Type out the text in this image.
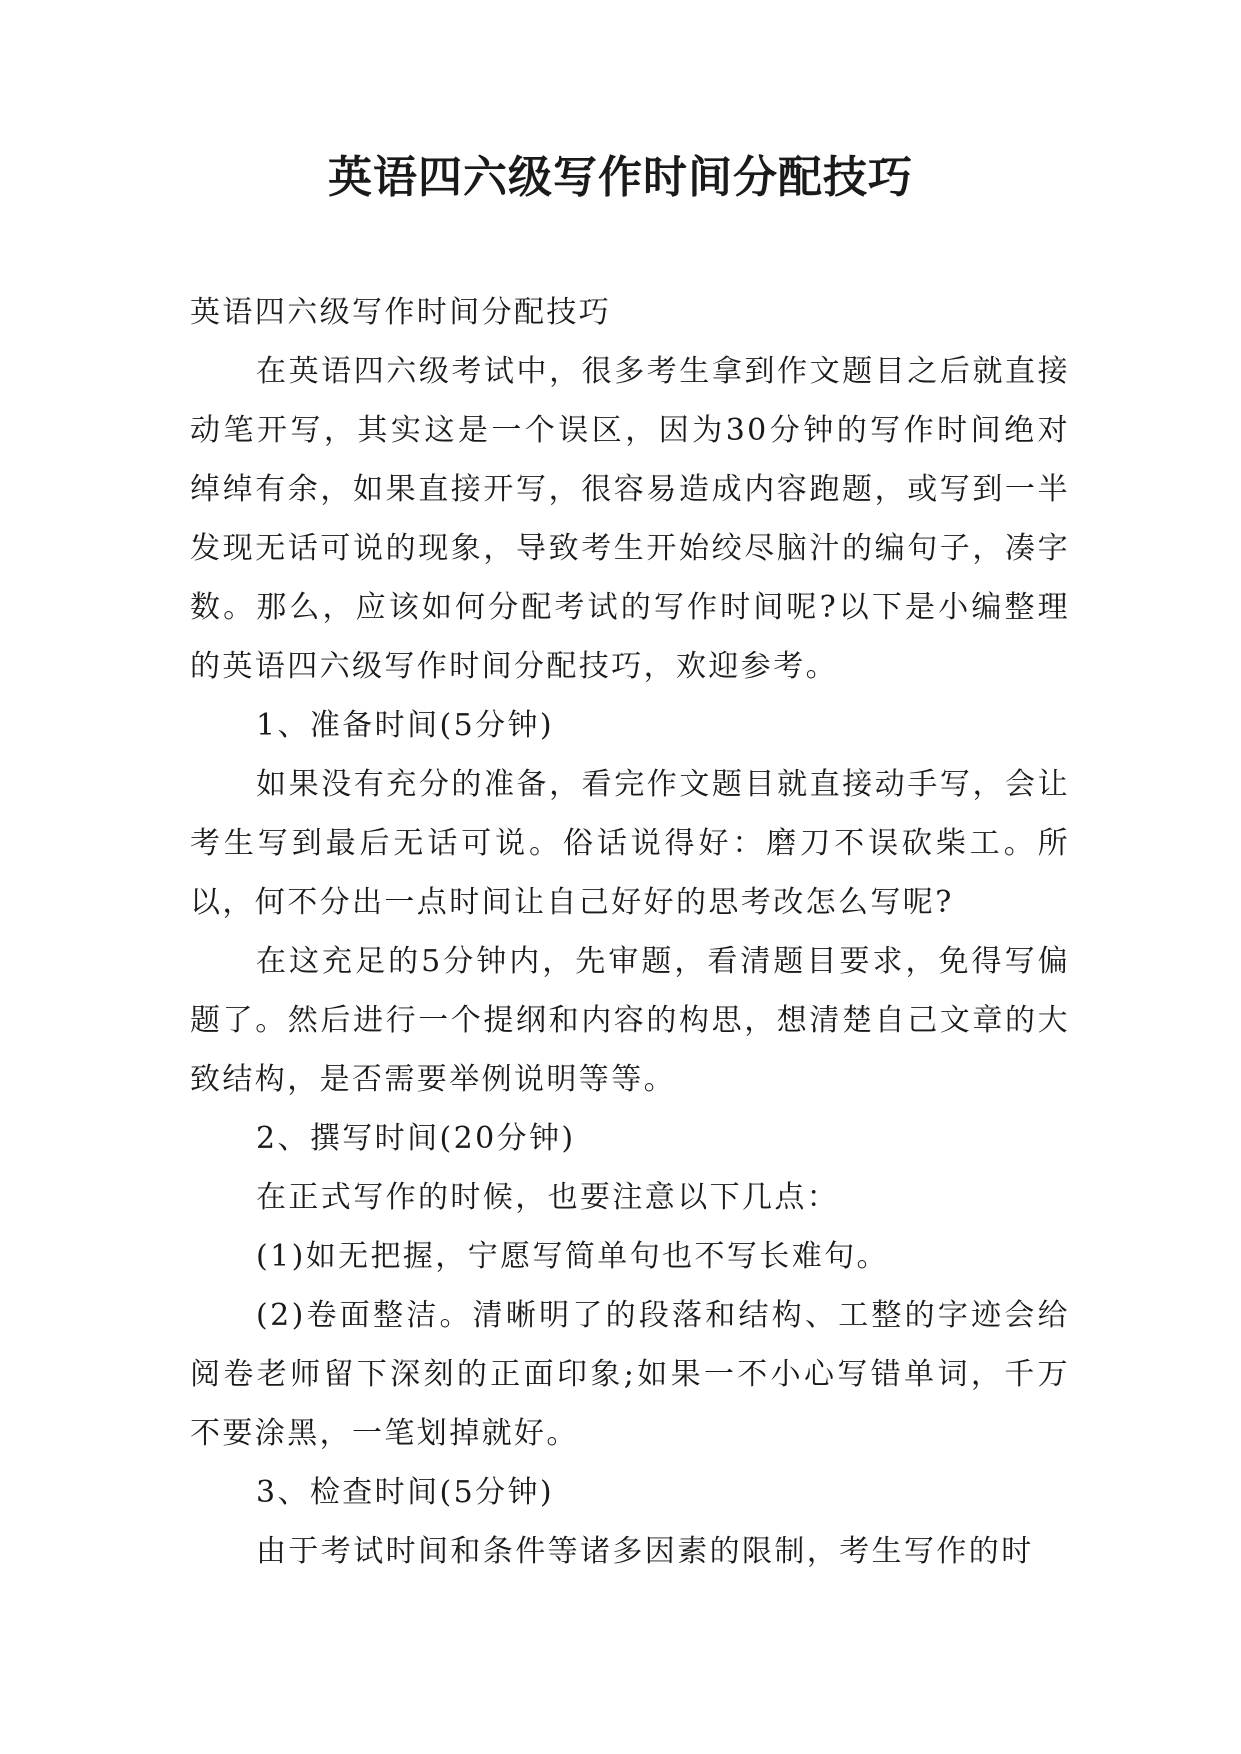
英语四六级写作时间分配技巧

英语四六级写作时间分配技巧

在英语四六级考试中，很多考生拿到作文题目之后就直接动笔开写，其实这是一个误区，因为30分钟的写作时间绝对绰绰有余，如果直接开写，很容易造成内容跑题，或写到一半发现无话可说的现象，导致考生开始绞尽脑汁的编句子，凑字数。那么，应该如何分配考试的写作时间呢?以下是小编整理的英语四六级写作时间分配技巧，欢迎参考。

1、准备时间(5分钟)

如果没有充分的准备，看完作文题目就直接动手写，会让考生写到最后无话可说。俗话说得好：磨刀不误砍柴工。所以，何不分出一点时间让自己好好的思考改怎么写呢?

在这充足的5分钟内，先审题，看清题目要求，免得写偏题了。然后进行一个提纲和内容的构思，想清楚自己文章的大致结构，是否需要举例说明等等。

2、撰写时间(20分钟)

在正式写作的时候，也要注意以下几点：

(1)如无把握，宁愿写简单句也不写长难句。

(2)卷面整洁。清晰明了的段落和结构、工整的字迹会给阅卷老师留下深刻的正面印象;如果一不小心写错单词，千万不要涂黑，一笔划掉就好。

3、检查时间(5分钟)

由于考试时间和条件等诸多因素的限制，考生写作的时
